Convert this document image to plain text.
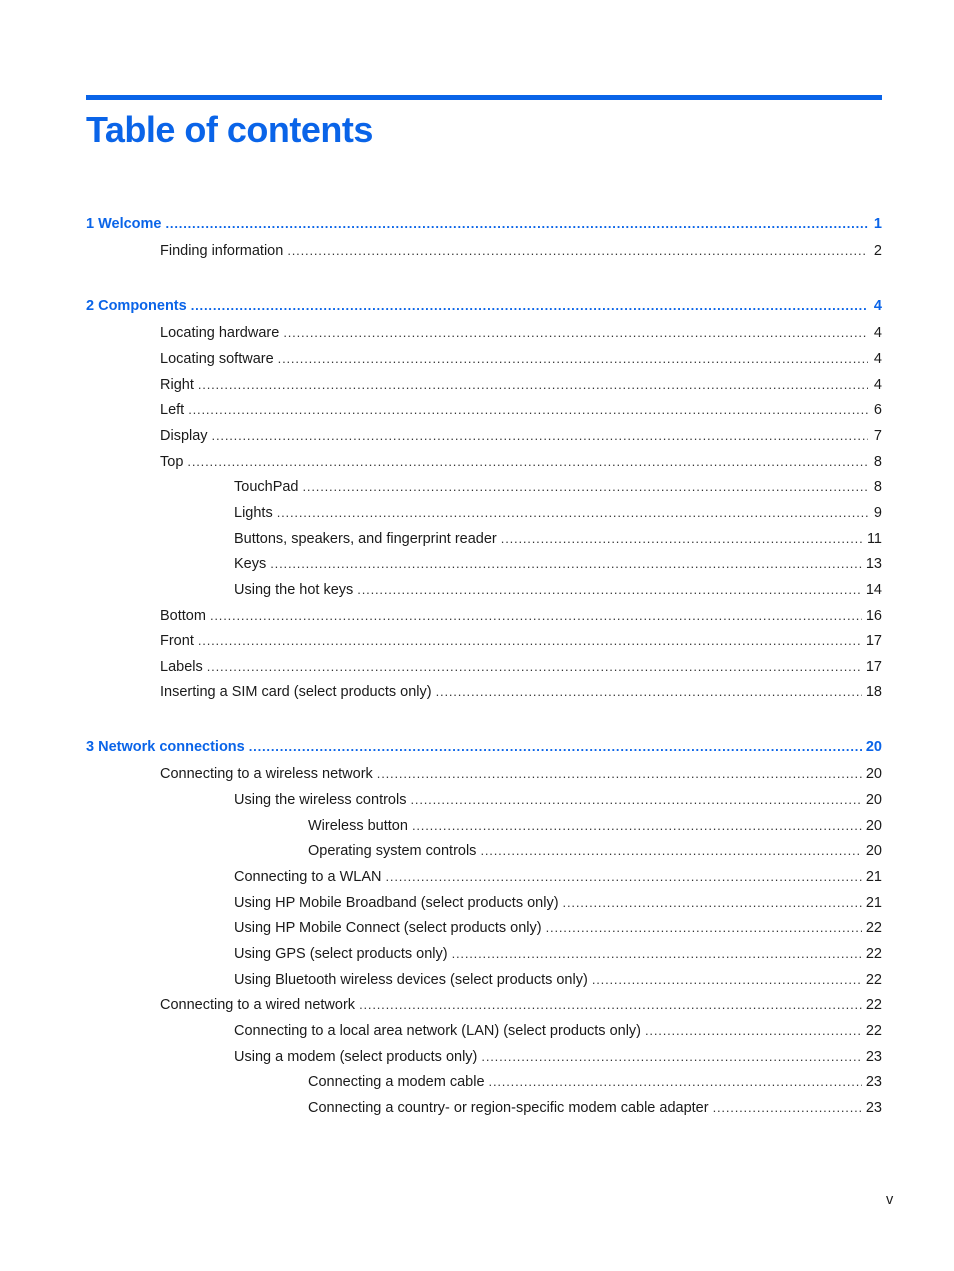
Table of contents
1 Welcome . . .	1
Finding information . . .	2
2 Components . . .	4
Locating hardware . . .	4
Locating software . . .	4
Right . . .	4
Left . . .	6
Display . . .	7
Top . . .	8
TouchPad . . .	8
Lights . . .	9
Buttons, speakers, and fingerprint reader . . .	11
Keys . . .	13
Using the hot keys . . .	14
Bottom . . .	16
Front . . .	17
Labels . . .	17
Inserting a SIM card (select products only) . . .	18
3 Network connections . . .	20
Connecting to a wireless network . . .	20
Using the wireless controls . . .	20
Wireless button . . .	20
Operating system controls . . .	20
Connecting to a WLAN . . .	21
Using HP Mobile Broadband (select products only) . . .	21
Using HP Mobile Connect (select products only) . . .	22
Using GPS (select products only) . . .	22
Using Bluetooth wireless devices (select products only) . . .	22
Connecting to a wired network . . .	22
Connecting to a local area network (LAN) (select products only) . . .	22
Using a modem (select products only) . . .	23
Connecting a modem cable . . .	23
Connecting a country- or region-specific modem cable adapter . . .	23
v
